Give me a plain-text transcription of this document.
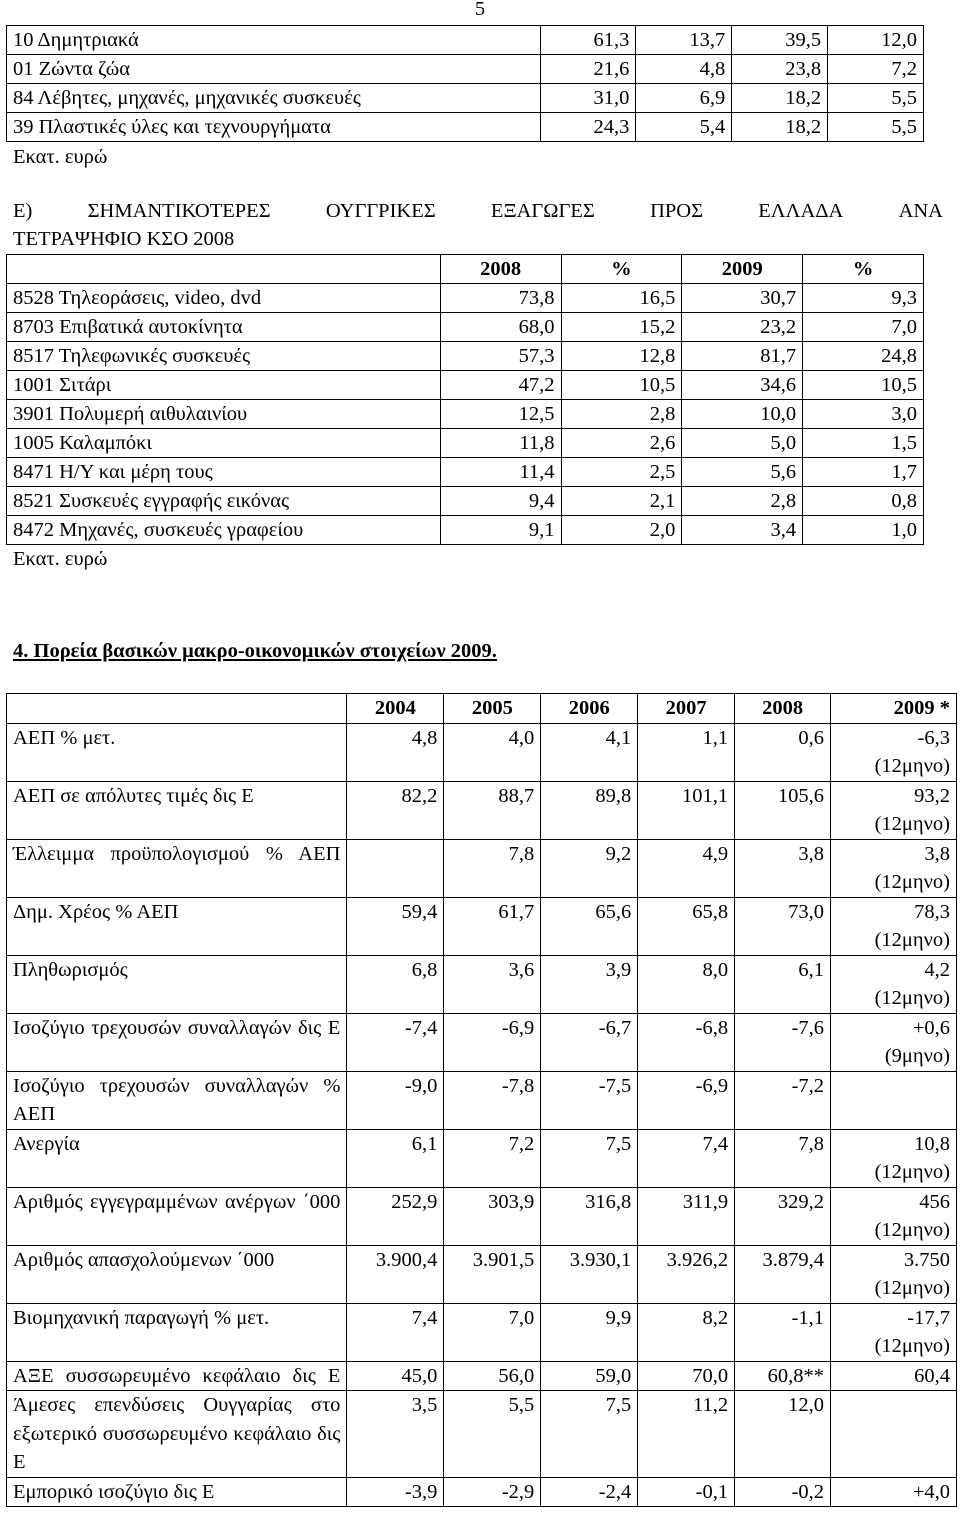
5
10 Δημητριακά	61,3	13,7	39,5	12,0
01 Ζώντα ζώα	21,6	4,8	23,8	7,2
84 Λέβητες, μηχανές, μηχανικές συσκευές	31,0	6,9	18,2	5,5
39 Πλαστικές ύλες και τεχνουργήματα	24,3	5,4	18,2	5,5
Εκατ. ευρώ
Ε)	ΣΗΜΑΝΤΙΚΟΤΕΡΕΣ	ΟΥΓΓΡΙΚΕΣ	ΕΞΑΓΩΓΕΣ	ΠΡΟΣ	ΕΛΛΑΔΑ	ΑΝΑ
ΤΕΤΡΑΨΗΦΙΟ ΚΣΟ 2008
	2008	%	2009	%
8528 Τηλεοράσεις, video, dvd	73,8	16,5	30,7	9,3
8703 Επιβατικά αυτοκίνητα	68,0	15,2	23,2	7,0
8517 Τηλεφωνικές συσκευές	57,3	12,8	81,7	24,8
1001 Σιτάρι	47,2	10,5	34,6	10,5
3901 Πολυμερή αιθυλαινίου	12,5	2,8	10,0	3,0
1005 Καλαμπόκι	11,8	2,6	5,0	1,5
8471 Η/Υ και μέρη τους	11,4	2,5	5,6	1,7
8521 Συσκευές εγγραφής εικόνας	9,4	2,1	2,8	0,8
8472 Μηχανές, συσκευές γραφείου	9,1	2,0	3,4	1,0
Εκατ. ευρώ
4. Πορεία βασικών μακρο-οικονομικών στοιχείων 2009.
	2004	2005	2006	2007	2008	2009 *
ΑΕΠ % μετ.	4,8	4,0	4,1	1,1	0,6	-6,3
(12μηνο)

ΑΕΠ σε απόλυτες τιμές δις Ε	82,2	88,7	89,8	101,1	105,6	93,2
(12μηνο)

Έλλειμμα προϋπολογισμού % ΑΕΠ		7,8	9,2	4,9	3,8	3,8
(12μηνο)

Δημ. Χρέος % ΑΕΠ	59,4	61,7	65,6	65,8	73,0	78,3
(12μηνο)

Πληθωρισμός	6,8	3,6	3,9	8,0	6,1	4,2
(12μηνο)

Ισοζύγιο τρεχουσών συναλλαγών δις Ε	-7,4	-6,9	-6,7	-6,8	-7,6	+0,6
(9μηνο)

Ισοζύγιο τρεχουσών συναλλαγών % ΑΕΠ	-9,0	-7,8	-7,5	-6,9	-7,2	

Ανεργία	6,1	7,2	7,5	7,4	7,8	10,8
(12μηνο)

Αριθμός εγγεγραμμένων ανέργων ΄000	252,9	303,9	316,8	311,9	329,2	456
(12μηνο)

Αριθμός απασχολούμενων ΄000	3.900,4	3.901,5	3.930,1	3.926,2	3.879,4	3.750
(12μηνο)

Βιομηχανική παραγωγή % μετ.	7,4	7,0	9,9	8,2	-1,1	-17,7
(12μηνο)

ΑΞΕ συσσωρευμένο κεφάλαιο δις Ε	45,0	56,0	59,0	70,0	60,8**	60,4

Άμεσες επενδύσεις Ουγγαρίας στο εξωτερικό συσσωρευμένο κεφάλαιο δις Ε	3,5	5,5	7,5	11,2	12,0	

Εμπορικό ισοζύγιο δις Ε	-3,9	-2,9	-2,4	-0,1	-0,2	+4,0
